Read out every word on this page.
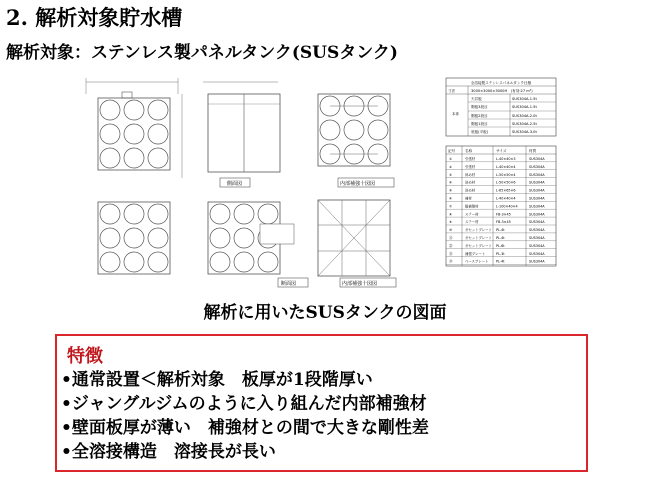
2. 解析対象貯水槽
解析対象：ステンレス製パネルタンク(SUSタンク)
全溶接製ステンレスパネルタンク仕様
寸法	3000×3000×3000H　(有効:27 m³)
本体
天井板	SUS304A-1.5t
側板3段目	SUS304A-1.5t
側板2段目	SUS304A-2.0t
側板1段目	SUS304A-2.5t
底板(平板)	SUS304A-3.0t
記号	名称	サイズ	材質
①	引張材	L-40×40×3	SUS304A
②	引張材	L-40×40×4	SUS304A
③	斜め材	L-50×50×4	SUS304A
④	斜め材	L-50×50×6	SUS304A
⑤	斜め材	L-65×65×6	SUS304A
⑥	補材	L-40×40×4	SUS304A
⑦	縦補強材	L-100×40×4	SUS304A
⑧	ステー材	FB-3×45	SUS304A
⑨	ステー材	FB-3×45	SUS304A
⑩	ガセットプレート PL-4t	SUS304A
⑪	ガセットプレート PL-4t	SUS304A
⑫	ガセットプレート PL-6t	SUS304A
⑬	補強プレート	PL-3t	SUS304A
⑭	ベースプレート PL-4t	SUS304A
側面図	内部補強十図図
断面図	内部補強十図図
解析に用いたSUSタンクの図面
特徴
•通常設置＜解析対象　板厚が1段階厚い
•ジャングルジムのように入り組んだ内部補強材
•壁面板厚が薄い　補強材との間で大きな剛性差
•全溶接構造　溶接長が長い
